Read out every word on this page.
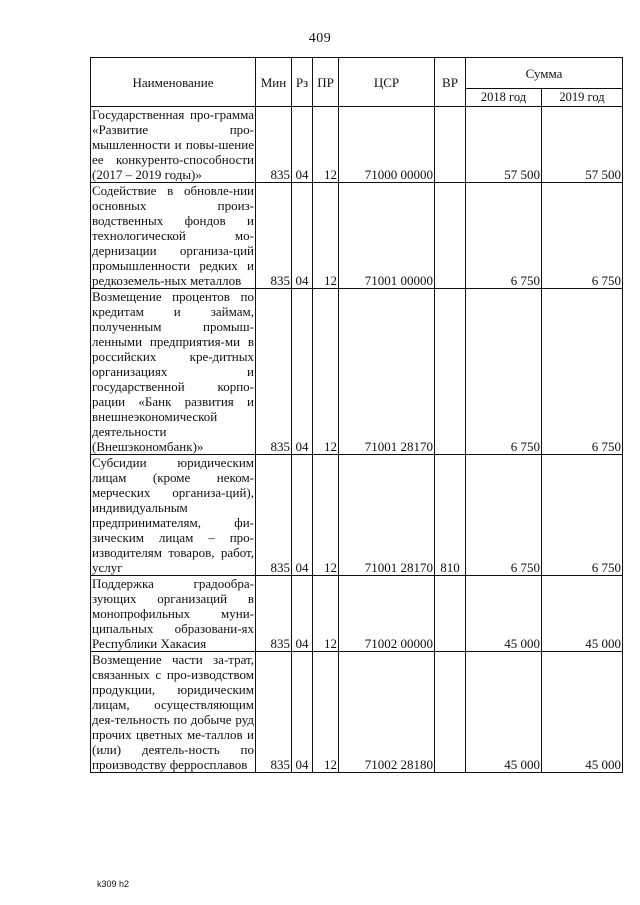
409
Наименование	Мин	Рз	ПР	ЦСР	ВР	Сумма	
						2018 год	2019 год
Государственная про-грамма «Развитие про-мышленности и повы-шение ее конкуренто-способности (2017 – 2019 годы)»	835	04	12	71000 00000		57 500	57 500
Содействие в обновле-нии основных произ-водственных фондов и технологической мо-дернизации организа-ций промышленности редких и редкоземель-ных металлов	835	04	12	71001 00000		6 750	6 750
Возмещение процентов по кредитам и займам, полученным промыш-ленными предприятия-ми в российских кре-дитных организациях и государственной корпо-рации «Банк развития и внешнеэкономической деятельности (Внешэкономбанк)»	835	04	12	71001 28170		6 750	6 750
Субсидии юридическим лицам (кроме неком-мерческих организа-ций), индивидуальным предпринимателям, фи-зическим лицам – про-изводителям товаров, работ, услуг	835	04	12	71001 28170	810	6 750	6 750
Поддержка градообра-зующих организаций в монопрофильных муни-ципальных образовани-ях Республики Хакасия	835	04	12	71002 00000		45 000	45 000
Возмещение части за-трат, связанных с про-изводством продукции, юридическим лицам, осуществляющим дея-тельность по добыче руд прочих цветных ме-таллов и (или) деятель-ность по производству ферросплавов	835	04	12	71002 28180		45 000	45 000
k309 h2
